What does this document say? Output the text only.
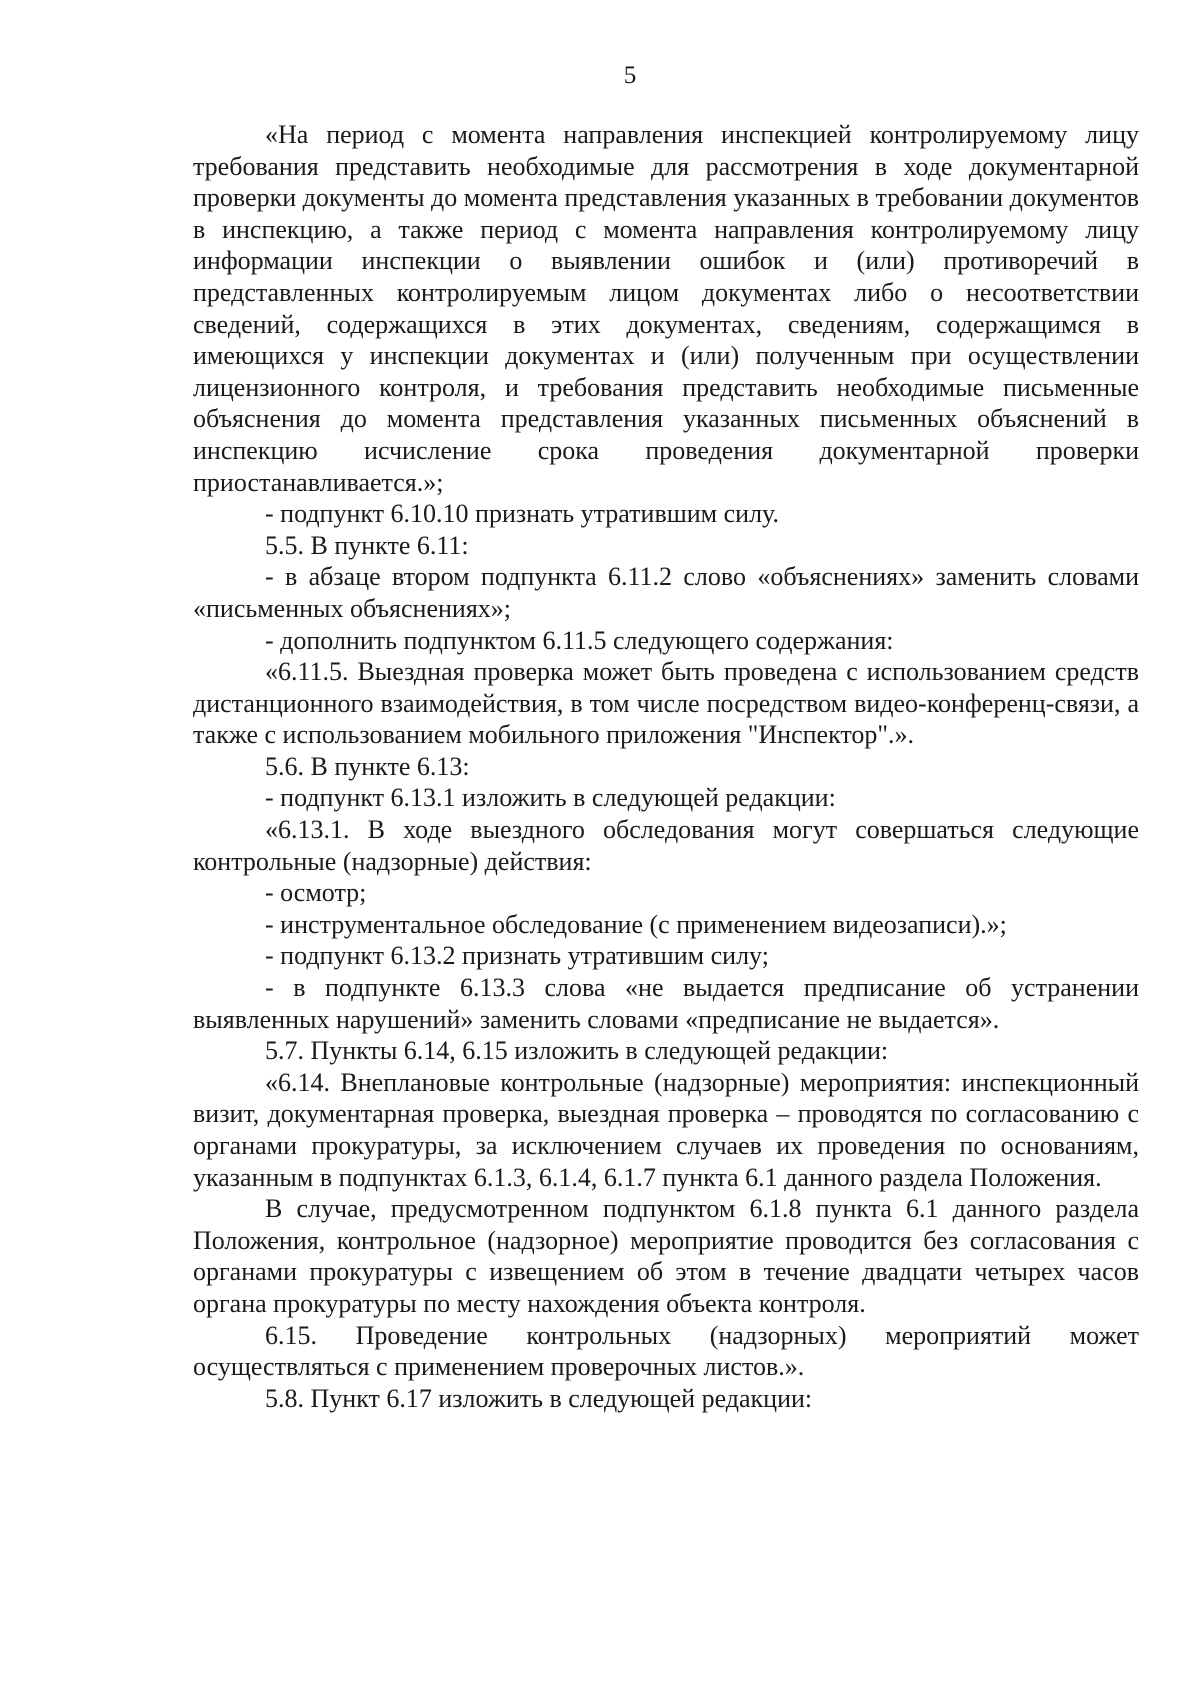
5

«На период с момента направления инспекцией контролируемому лицу требования представить необходимые для рассмотрения в ходе документарной проверки документы до момента представления указанных в требовании документов в инспекцию, а также период с момента направления контролируемому лицу информации инспекции о выявлении ошибок и (или) противоречий в представленных контролируемым лицом документах либо о несоответствии сведений, содержащихся в этих документах, сведениям, содержащимся в имеющихся у инспекции документах и (или) полученным при осуществлении лицензионного контроля, и требования представить необходимые письменные объяснения до момента представления указанных письменных объяснений в инспекцию исчисление срока проведения документарной проверки приостанавливается.»;

- подпункт 6.10.10 признать утратившим силу.

5.5. В пункте 6.11:

- в абзаце втором подпункта 6.11.2 слово «объяснениях» заменить словами «письменных объяснениях»;

- дополнить подпунктом 6.11.5 следующего содержания:

«6.11.5. Выездная проверка может быть проведена с использованием средств дистанционного взаимодействия, в том числе посредством видео-конференц-связи, а также с использованием мобильного приложения "Инспектор".».

5.6. В пункте 6.13:

- подпункт 6.13.1 изложить в следующей редакции:

«6.13.1. В ходе выездного обследования могут совершаться следующие контрольные (надзорные) действия:

- осмотр;

- инструментальное обследование (с применением видеозаписи).»;

- подпункт 6.13.2 признать утратившим силу;

- в подпункте 6.13.3 слова «не выдается предписание об устранении выявленных нарушений» заменить словами «предписание не выдается».

5.7. Пункты 6.14, 6.15 изложить в следующей редакции:

«6.14. Внеплановые контрольные (надзорные) мероприятия: инспекционный визит, документарная проверка, выездная проверка – проводятся по согласованию с органами прокуратуры, за исключением случаев их проведения по основаниям, указанным в подпунктах 6.1.3, 6.1.4, 6.1.7 пункта 6.1 данного раздела Положения.

В случае, предусмотренном подпунктом 6.1.8 пункта 6.1 данного раздела Положения, контрольное (надзорное) мероприятие проводится без согласования с органами прокуратуры с извещением об этом в течение двадцати четырех часов органа прокуратуры по месту нахождения объекта контроля.

6.15. Проведение контрольных (надзорных) мероприятий может осуществляться с применением проверочных листов.».

5.8. Пункт 6.17 изложить в следующей редакции:
